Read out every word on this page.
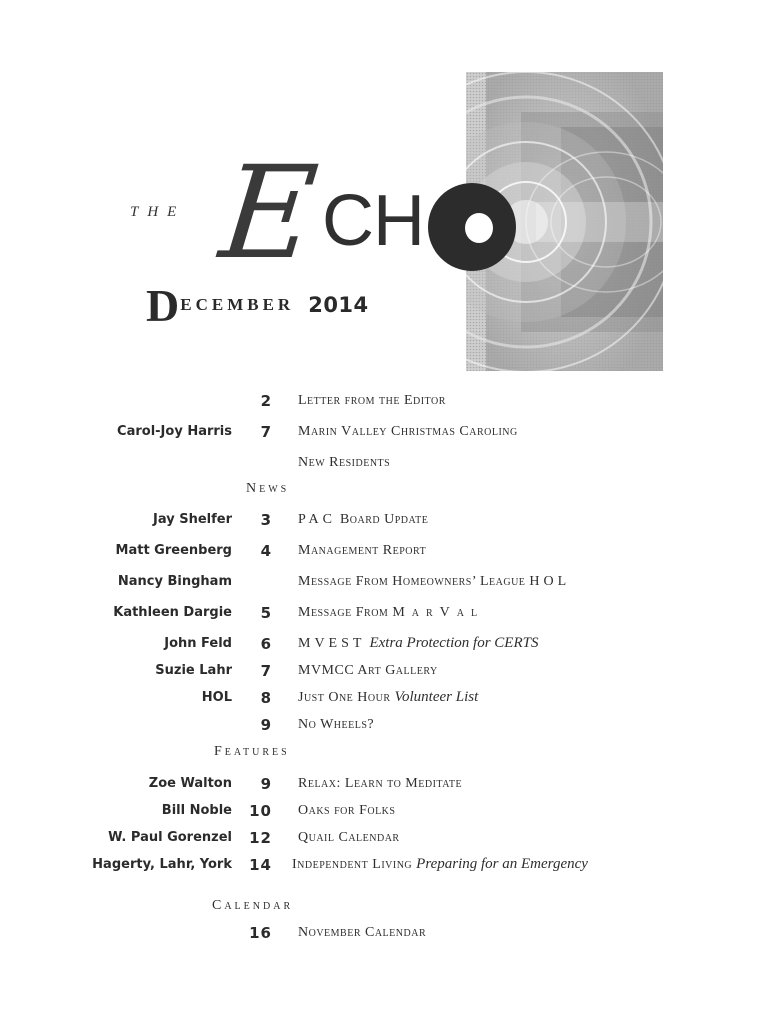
THE E
CH
D ECEMBER 2014
2 Letter from the Editor
Carol-Joy Harris 7 Marin Valley Christmas Caroling
New Residents
News
Jay Shelfer 3 PAC Board Update
Matt Greenberg 4 Management Report
Nancy Bingham	Message From Homeowners’ League HOL
Kathleen Dargie 5 Message From MarVal
John Feld 6 MVEST Extra Protection for CERTS
Suzie Lahr 7 MVMCC Art Gallery
HOL 8 Just One Hour Volunteer List
9 No Wheels?
Features
Zoe Walton 9 Relax: Learn to Meditate
Bill Noble 10 Oaks for Folks
W. Paul Gorenzel 12 Quail Calendar
Hagerty, Lahr, York 14 Independent Living Preparing for an Emergency
Calendar
16 November Calendar
